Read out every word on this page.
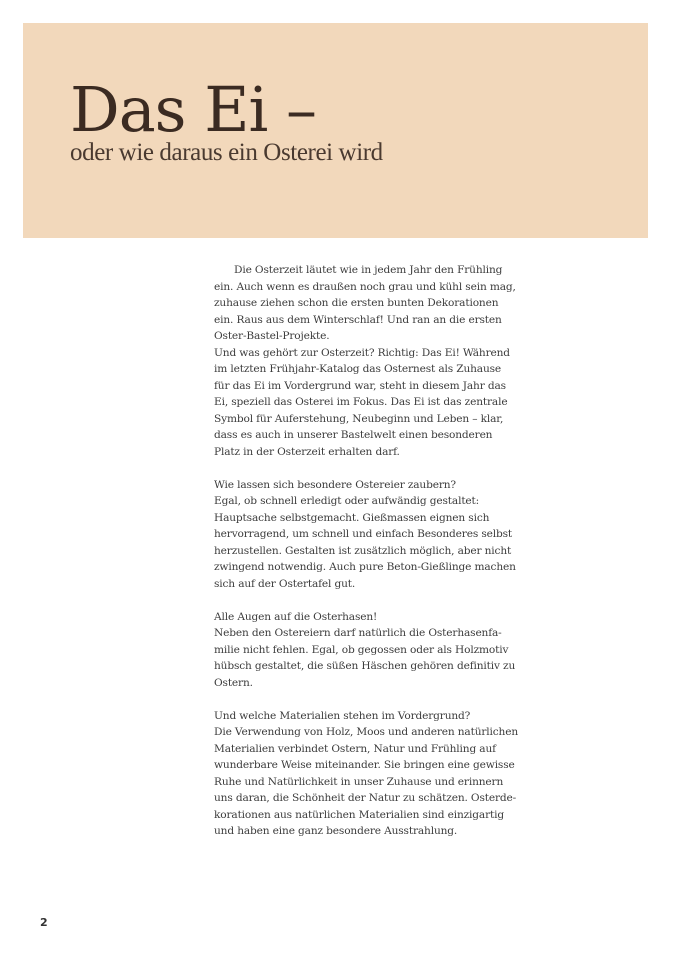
Das Ei –
oder wie daraus ein Osterei wird

Die Osterzeit läutet wie in jedem Jahr den Frühling
ein. Auch wenn es draußen noch grau und kühl sein mag,
zuhause ziehen schon die ersten bunten Dekorationen
ein. Raus aus dem Winterschlaf! Und ran an die ersten
Oster-Bastel-Projekte.
Und was gehört zur Osterzeit? Richtig: Das Ei! Während
im letzten Frühjahr-Katalog das Osternest als Zuhause
für das Ei im Vordergrund war, steht in diesem Jahr das
Ei, speziell das Osterei im Fokus. Das Ei ist das zentrale
Symbol für Auferstehung, Neubeginn und Leben – klar,
dass es auch in unserer Bastelwelt einen besonderen
Platz in der Osterzeit erhalten darf.

Wie lassen sich besondere Ostereier zaubern?
Egal, ob schnell erledigt oder aufwändig gestaltet:
Hauptsache selbstgemacht. Gießmassen eignen sich
hervorragend, um schnell und einfach Besonderes selbst
herzustellen. Gestalten ist zusätzlich möglich, aber nicht
zwingend notwendig. Auch pure Beton-Gießlinge machen
sich auf der Ostertafel gut.

Alle Augen auf die Osterhasen!
Neben den Ostereiern darf natürlich die Osterhasenfa-
milie nicht fehlen. Egal, ob gegossen oder als Holzmotiv
hübsch gestaltet, die süßen Häschen gehören definitiv zu
Ostern.

Und welche Materialien stehen im Vordergrund?
Die Verwendung von Holz, Moos und anderen natürlichen
Materialien verbindet Ostern, Natur und Frühling auf
wunderbare Weise miteinander. Sie bringen eine gewisse
Ruhe und Natürlichkeit in unser Zuhause und erinnern
uns daran, die Schönheit der Natur zu schätzen. Osterde-
korationen aus natürlichen Materialien sind einzigartig
und haben eine ganz besondere Ausstrahlung.

2
